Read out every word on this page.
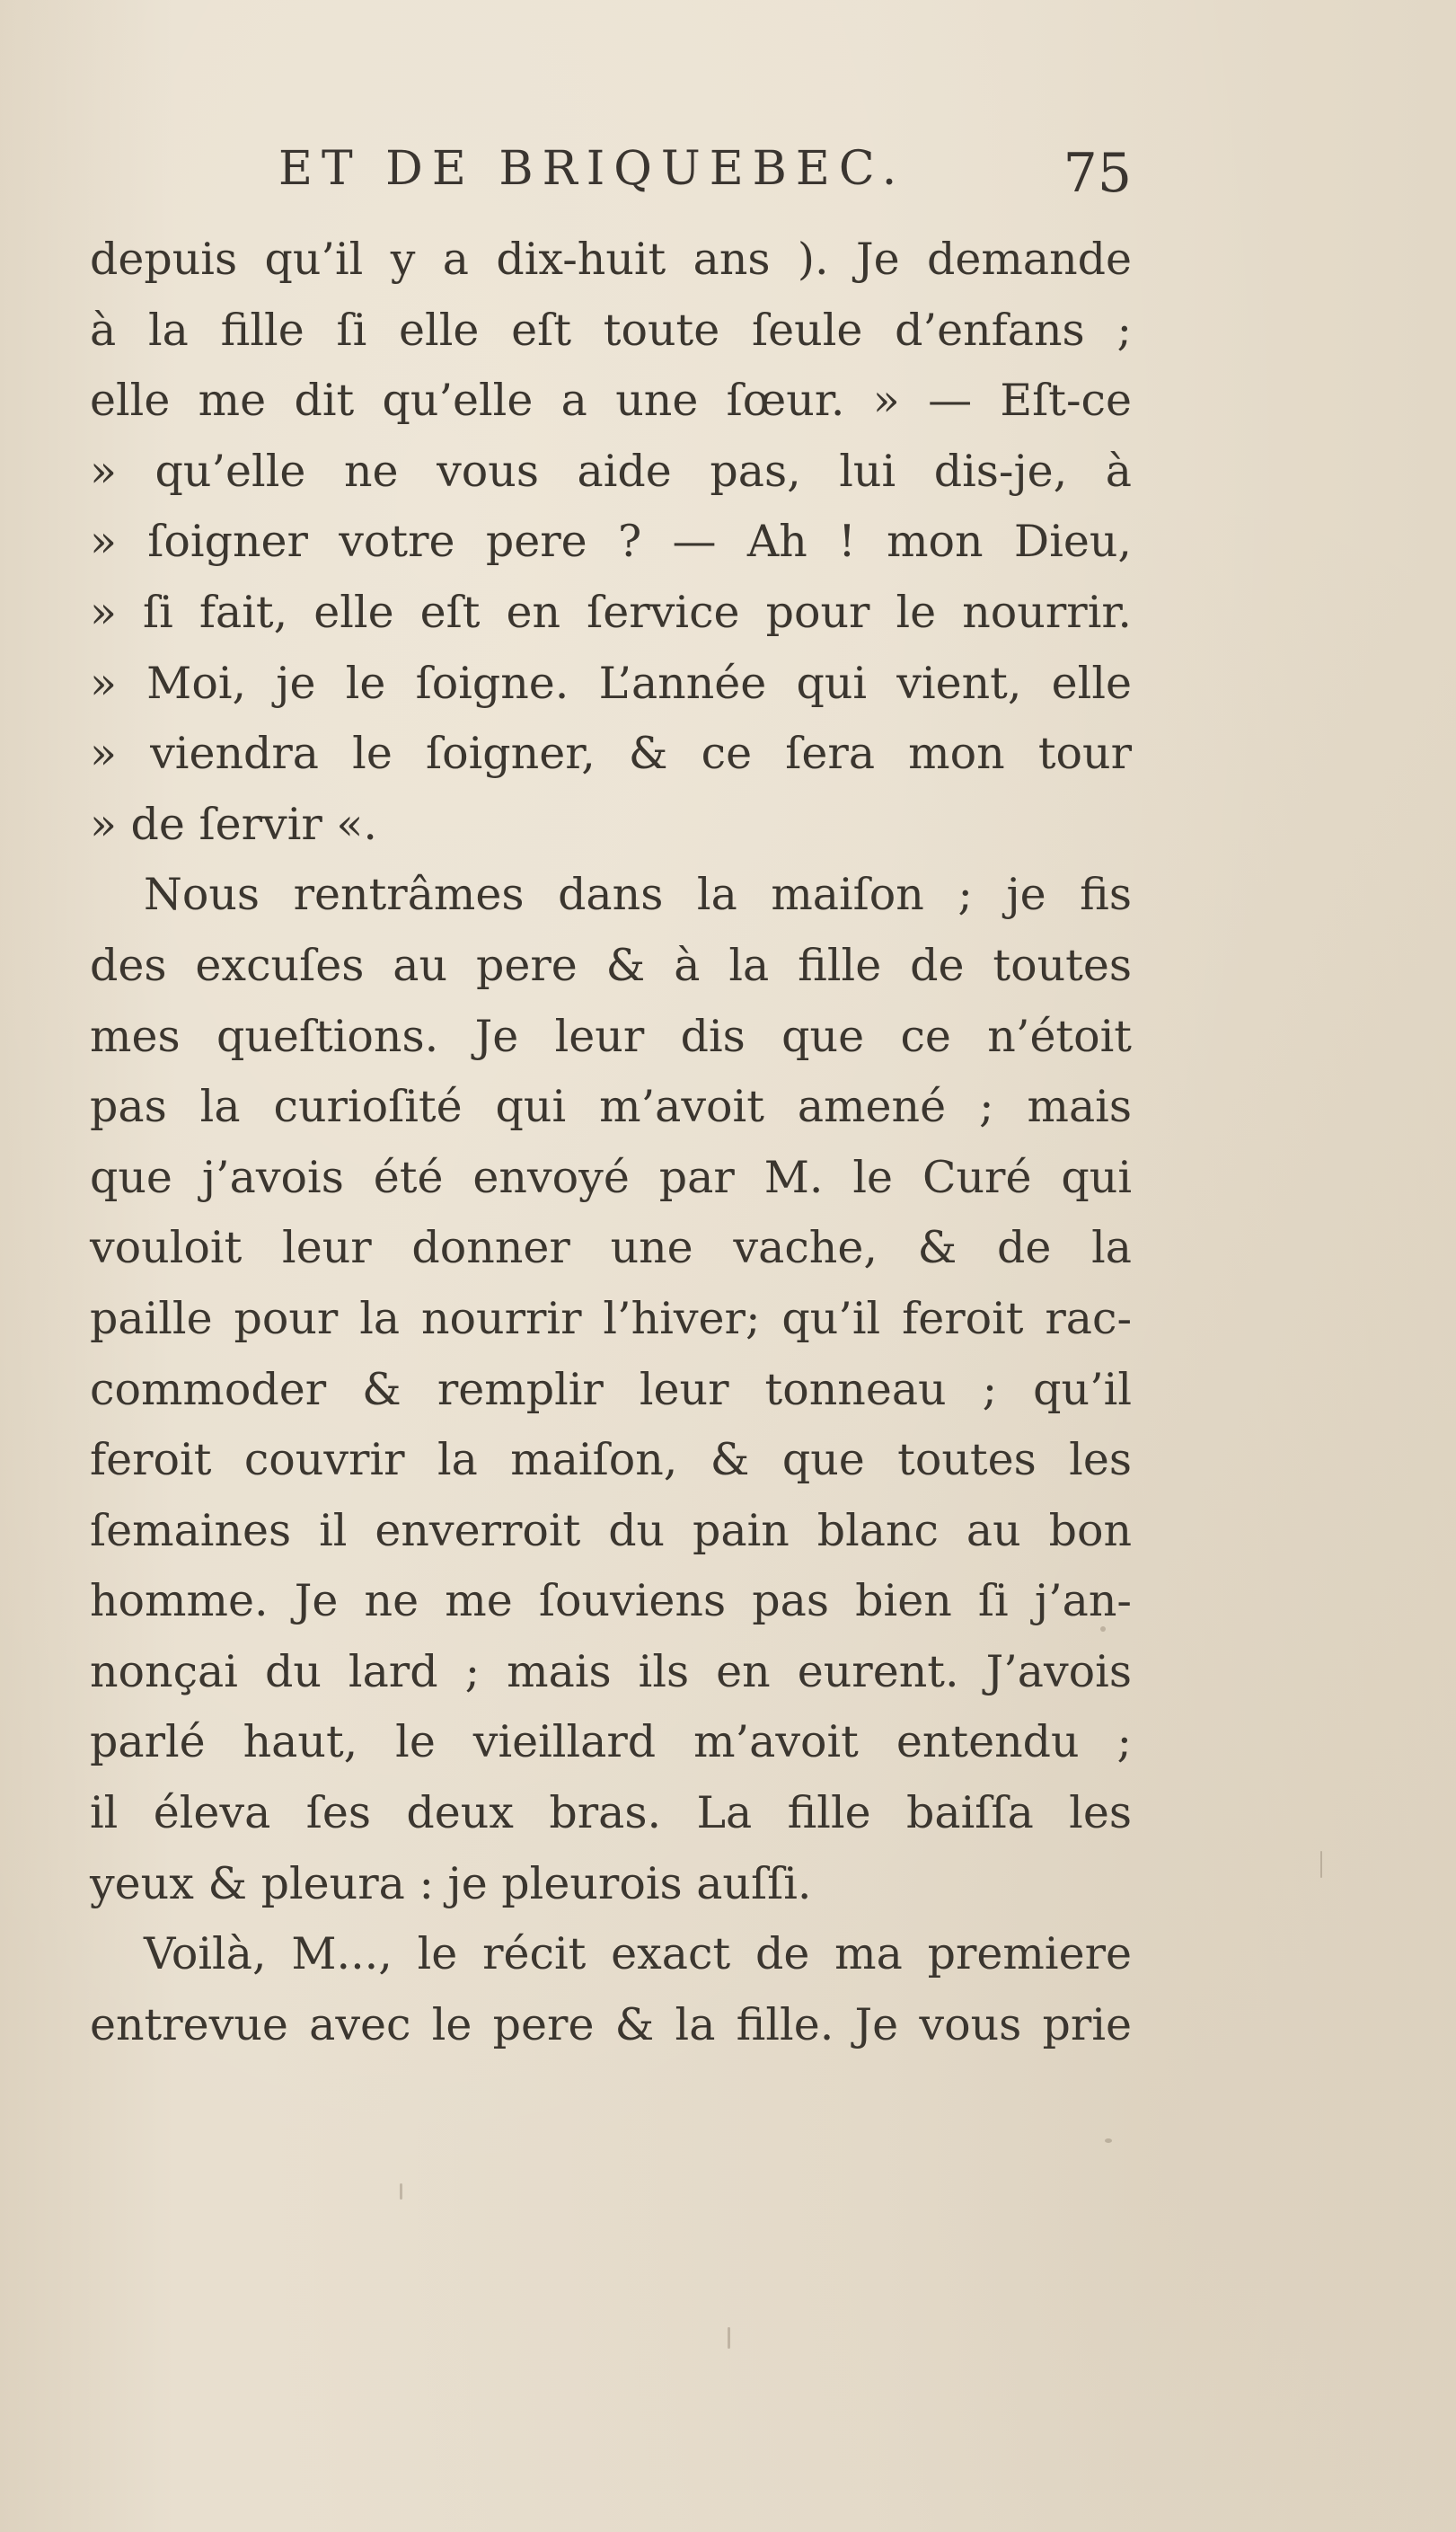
ET DE BRIQUEBEC.	75
depuis qu’il y a dix-huit ans ). Je demande
à la fille ſi elle eſt toute ſeule d’enfans ;
elle me dit qu’elle a une ſœur. » — Eſt-ce
» qu’elle ne vous aide pas, lui dis-je, à
» ſoigner votre pere ? — Ah ! mon Dieu,
» ſi fait, elle eſt en ſervice pour le nourrir.
» Moi, je le ſoigne. L’année qui vient, elle
» viendra le ſoigner, & ce ſera mon tour
» de ſervir «.
Nous rentrâmes dans la maiſon ; je fis
des excuſes au pere & à la fille de toutes
mes queſtions. Je leur dis que ce n’étoit
pas la curioſité qui m’avoit amené ; mais
que j’avois été envoyé par M. le Curé qui
vouloit leur donner une vache, & de la
paille pour la nourrir l’hiver; qu’il feroit rac-
commoder & remplir leur tonneau ; qu’il
feroit couvrir la maiſon, & que toutes les
ſemaines il enverroit du pain blanc au bon
homme. Je ne me ſouviens pas bien ſi j’an-
nonçai du lard ; mais ils en eurent. J’avois
parlé haut, le vieillard m’avoit entendu ;
il éleva ſes deux bras. La fille baiſſa les
yeux & pleura : je pleurois auſſi.
Voilà, M..., le récit exact de ma premiere
entrevue avec le pere & la fille. Je vous prie
